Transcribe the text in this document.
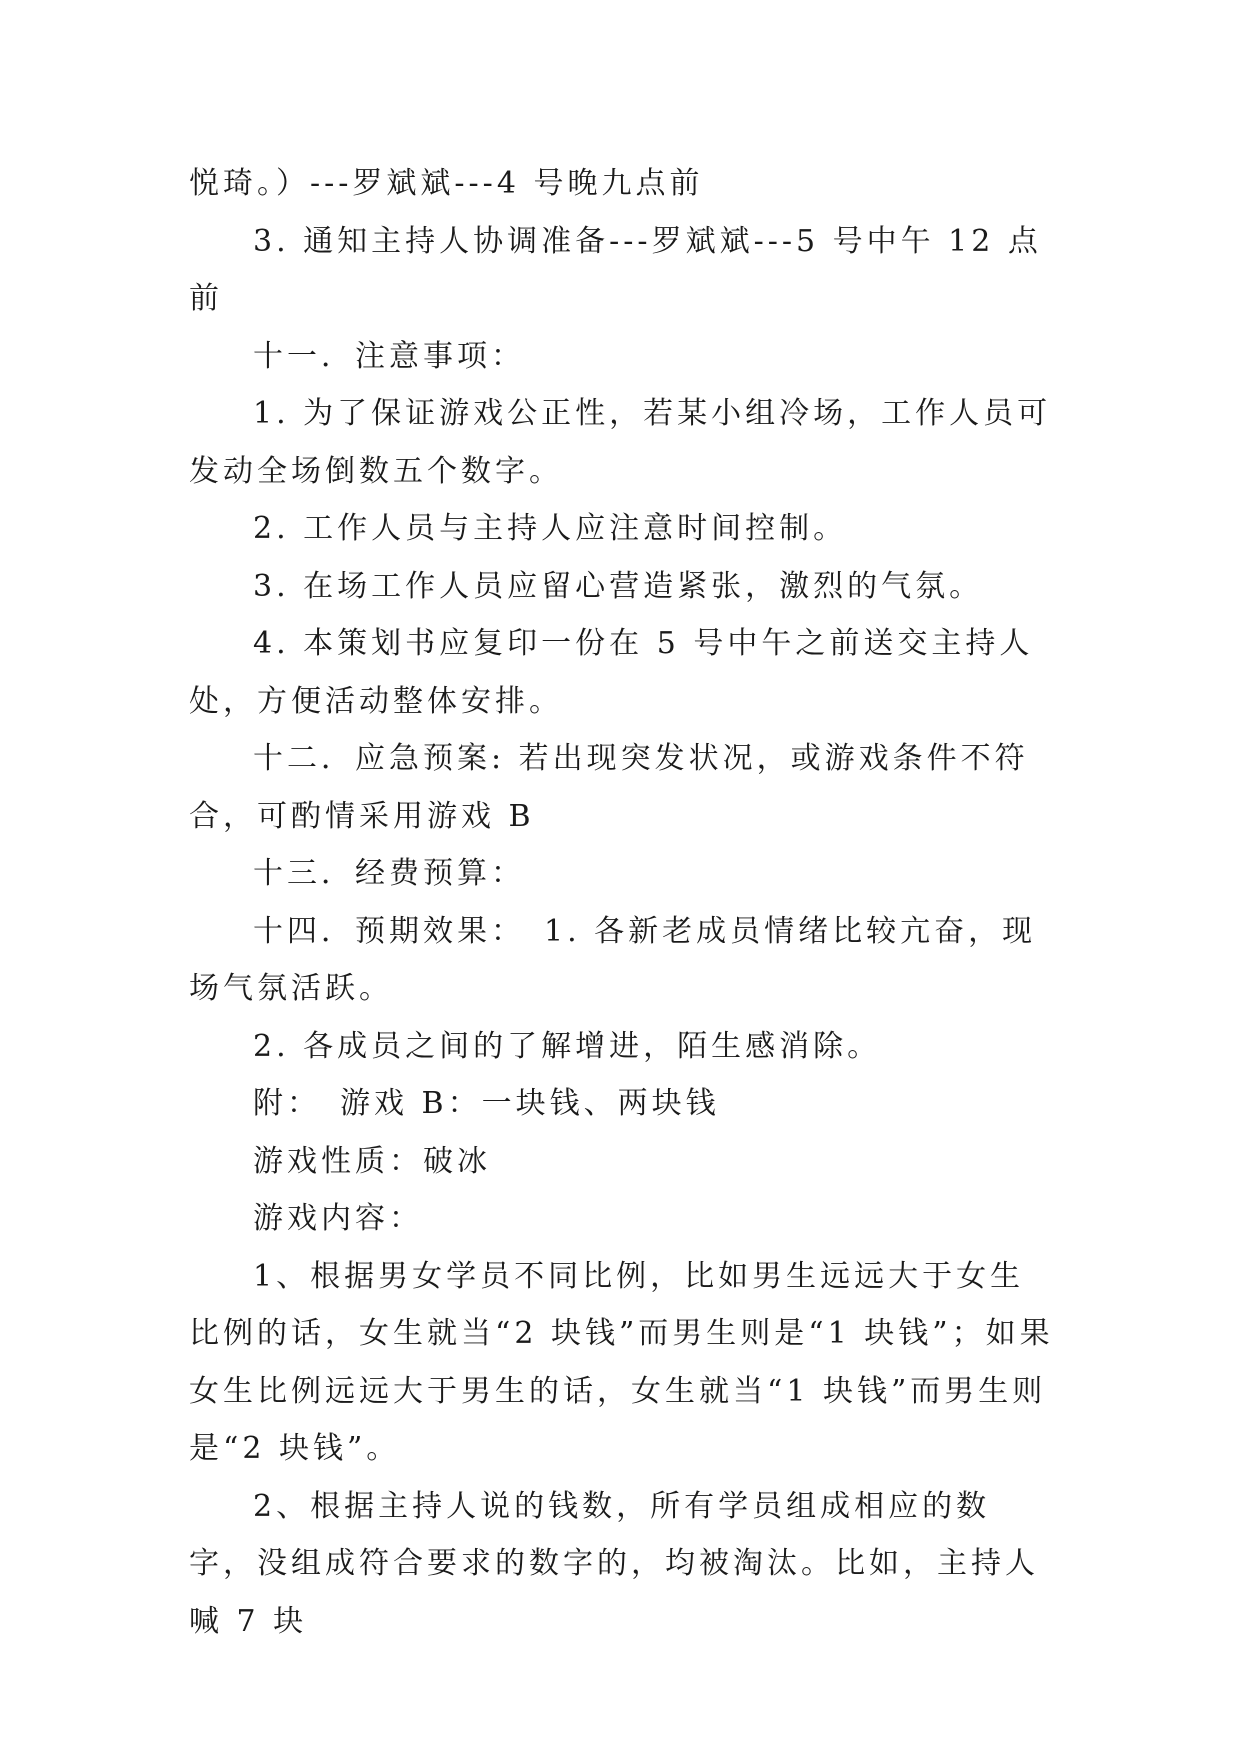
悦琦。）---罗斌斌---4 号晚九点前

3. 通知主持人协调准备---罗斌斌---5 号中午 12 点前

十一．注意事项：

1. 为了保证游戏公正性，若某小组冷场，工作人员可发动全场倒数五个数字。

2. 工作人员与主持人应注意时间控制。

3. 在场工作人员应留心营造紧张，激烈的气氛。

4. 本策划书应复印一份在 5 号中午之前送交主持人处，方便活动整体安排。

十二．应急预案: 若出现突发状况，或游戏条件不符合，可酌情采用游戏 B

十三．经费预算：

十四．预期效果：　1. 各新老成员情绪比较亢奋，现场气氛活跃。

2. 各成员之间的了解增进，陌生感消除。

附：　游戏 B：一块钱、两块钱

游戏性质：破冰

游戏内容：

1、根据男女学员不同比例，比如男生远远大于女生比例的话，女生就当“2 块钱”而男生则是“1 块钱”；如果女生比例远远大于男生的话，女生就当“1 块钱”而男生则是“2 块钱”。

2、根据主持人说的钱数，所有学员组成相应的数字，没组成符合要求的数字的，均被淘汰。比如，主持人喊 7 块
